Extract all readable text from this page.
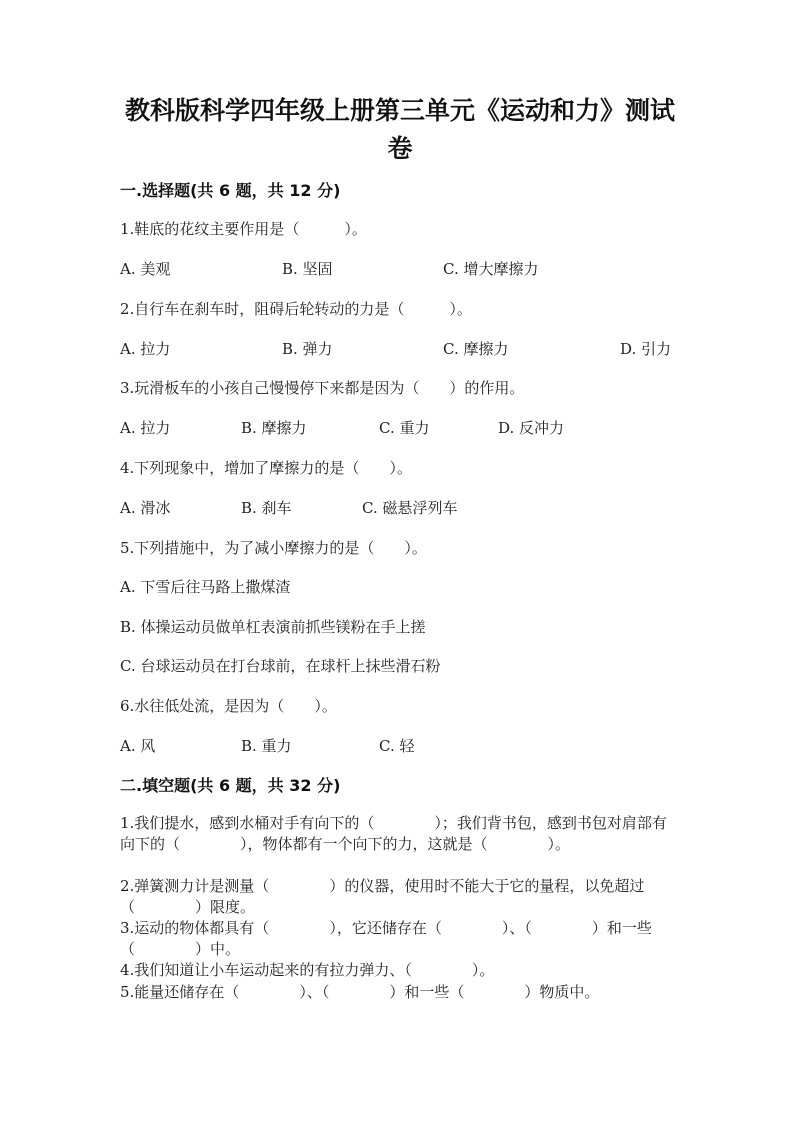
教科版科学四年级上册第三单元《运动和力》测试
卷
一.选择题(共 6 题，共 12 分)
1.鞋底的花纹主要作用是（　　　）。
A. 美观	B. 坚固	C. 增大摩擦力
2.自行车在刹车时，阻碍后轮转动的力是（　　　）。
A. 拉力	B. 弹力	C. 摩擦力	D. 引力
3.玩滑板车的小孩自己慢慢停下来都是因为（　　）的作用。
A. 拉力	B. 摩擦力	C. 重力	D. 反冲力
4.下列现象中，增加了摩擦力的是（　　）。
A. 滑冰	B. 刹车	C. 磁悬浮列车
5.下列措施中，为了减小摩擦力的是（　　）。
A. 下雪后往马路上撒煤渣
B. 体操运动员做单杠表演前抓些镁粉在手上搓
C. 台球运动员在打台球前，在球杆上抹些滑石粉
6.水往低处流，是因为（　　）。
A. 风	B. 重力	C. 轻
二.填空题(共 6 题，共 32 分)
1.我们提水，感到水桶对手有向下的（　　　　）；我们背书包，感到书包对肩部有向下的（　　　　），物体都有一个向下的力，这就是（　　　　）。
2.弹簧测力计是测量（　　　　）的仪器，使用时不能大于它的量程，以免超过（　　　　）限度。
3.运动的物体都具有（　　　　），它还储存在（　　　　）、（　　　　）和一些（　　　　）中。
4.我们知道让小车运动起来的有拉力弹力、（　　　　）。
5.能量还储存在（　　　　）、（　　　　）和一些（　　　　）物质中。
